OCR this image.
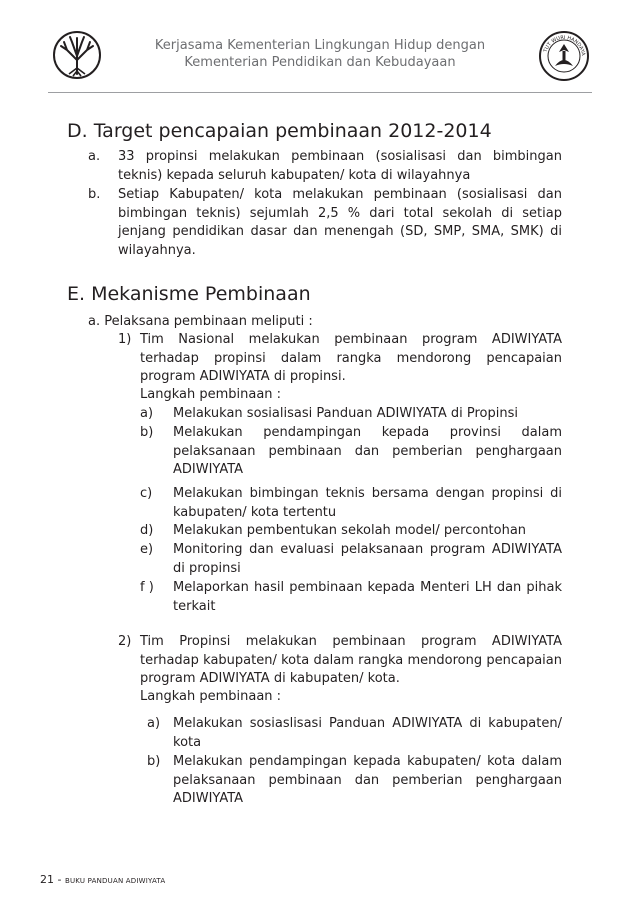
Kerjasama Kementerian Lingkungan Hidup dengan
Kementerian Pendidikan dan Kebudayaan
TUT WURI HANDAYA
D. Target pencapaian pembinaan 2012-2014
a. 33 propinsi melakukan pembinaan (sosialisasi dan bimbingan teknis) kepada seluruh kabupaten/ kota di wilayahnya
b. Setiap Kabupaten/ kota melakukan pembinaan (sosialisasi dan bimbingan teknis) sejumlah 2,5 % dari total sekolah di setiap jenjang pendidikan dasar dan menengah (SD, SMP, SMA, SMK) di wilayahnya.
E. Mekanisme Pembinaan
a. Pelaksana pembinaan meliputi :
1) Tim Nasional melakukan pembinaan program ADIWIYATA terhadap propinsi dalam rangka mendorong pencapaian program ADIWIYATA di propinsi.
Langkah pembinaan :
a) Melakukan sosialisasi Panduan ADIWIYATA di Propinsi
b) Melakukan pendampingan kepada provinsi dalam pelaksanaan pembinaan dan pemberian penghargaan ADIWIYATA
c) Melakukan bimbingan teknis bersama dengan propinsi di kabupaten/ kota tertentu
d) Melakukan pembentukan sekolah model/ percontohan
e) Monitoring dan evaluasi pelaksanaan program ADIWIYATA di propinsi
f ) Melaporkan hasil pembinaan kepada Menteri LH dan pihak terkait
2) Tim Propinsi melakukan pembinaan program ADIWIYATA terhadap kabupaten/ kota dalam rangka mendorong pencapaian program ADIWIYATA di kabupaten/ kota.
Langkah pembinaan :
a) Melakukan sosiaslisasi Panduan ADIWIYATA di kabupaten/ kota
b) Melakukan pendampingan kepada kabupaten/ kota dalam pelaksanaan pembinaan dan pemberian penghargaan ADIWIYATA
21 - BUKU PANDUAN ADIWIYATA
